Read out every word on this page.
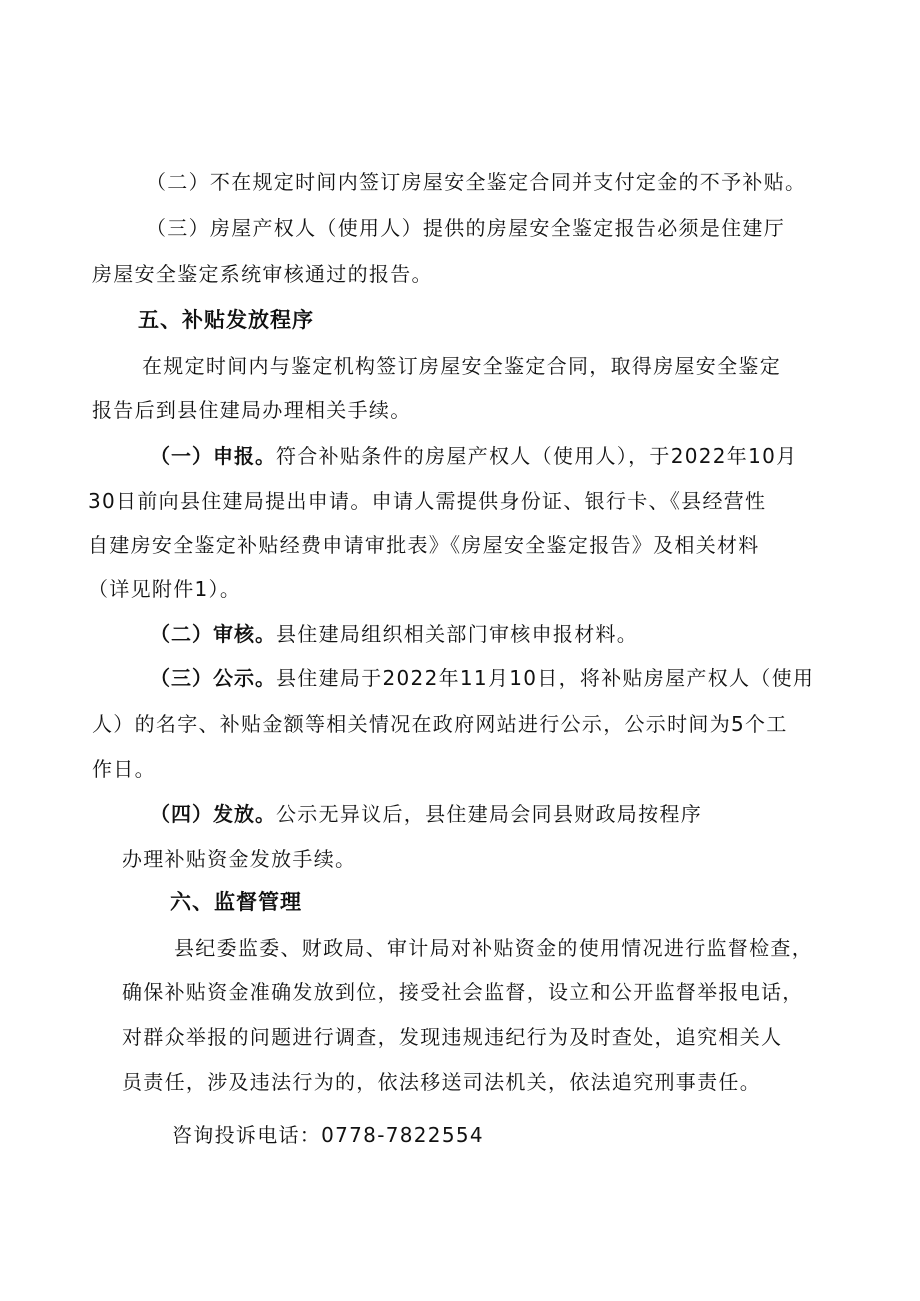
（二）不在规定时间内签订房屋安全鉴定合同并支付定金的不予补贴。
（三）房屋产权人（使用人）提供的房屋安全鉴定报告必须是住建厅
房屋安全鉴定系统审核通过的报告。
五、补贴发放程序
在规定时间内与鉴定机构签订房屋安全鉴定合同，取得房屋安全鉴定
报告后到县住建局办理相关手续。
（一）申报。符合补贴条件的房屋产权人（使用人），于2022年10月
30日前向县住建局提出申请。申请人需提供身份证、银行卡、《县经营性
自建房安全鉴定补贴经费申请审批表》《房屋安全鉴定报告》及相关材料
（详见附件1）。
（二）审核。县住建局组织相关部门审核申报材料。
（三）公示。县住建局于2022年11月10日，将补贴房屋产权人（使用
人）的名字、补贴金额等相关情况在政府网站进行公示，公示时间为5个工
作日。
（四）发放。公示无异议后，县住建局会同县财政局按程序
办理补贴资金发放手续。
六、监督管理
县纪委监委、财政局、审计局对补贴资金的使用情况进行监督检查，
确保补贴资金准确发放到位，接受社会监督，设立和公开监督举报电话，
对群众举报的问题进行调查，发现违规违纪行为及时查处，追究相关人
员责任，涉及违法行为的，依法移送司法机关，依法追究刑事责任。
咨询投诉电话：0778-7822554
